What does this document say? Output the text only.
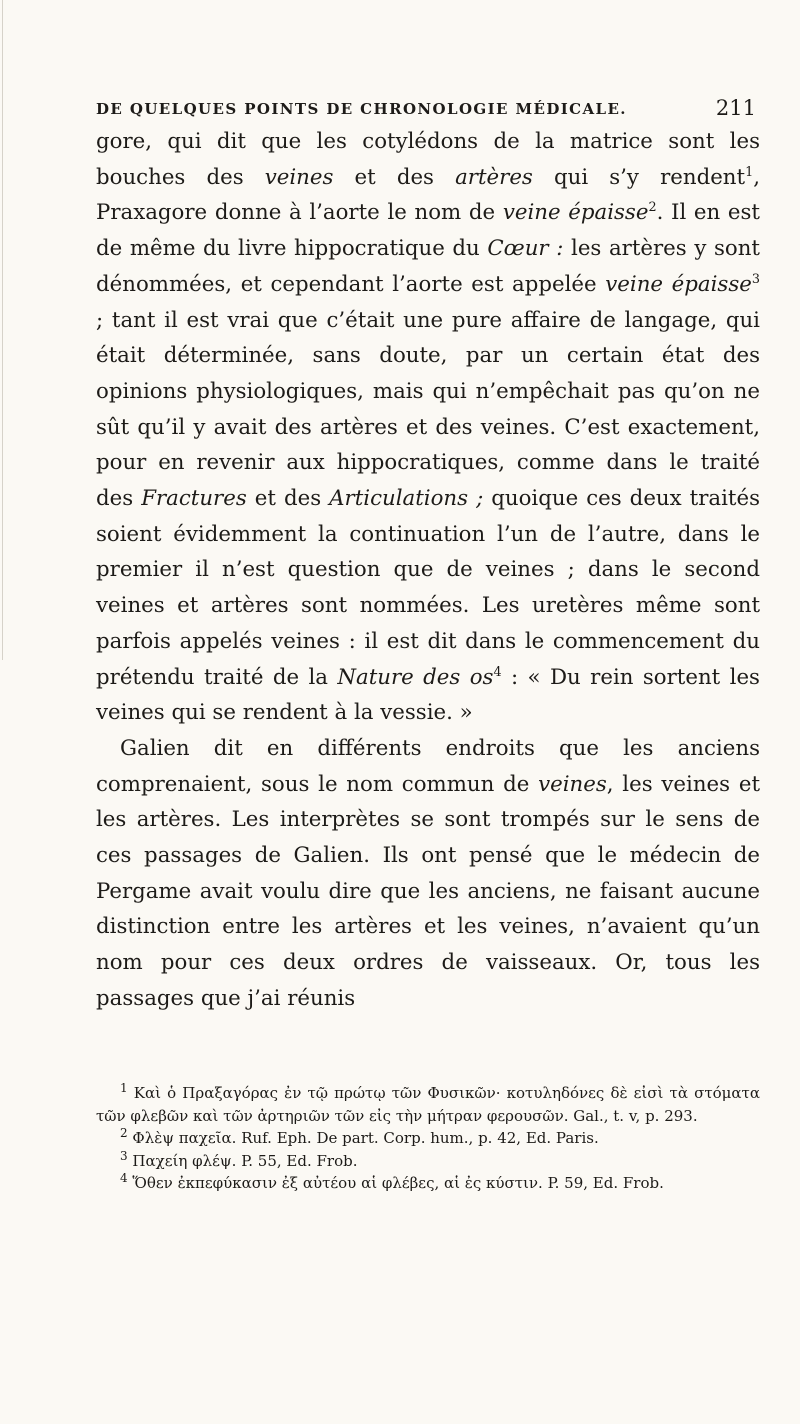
DE QUELQUES POINTS DE CHRONOLOGIE MÉDICALE.	211

gore, qui dit que les cotylédons de la matrice sont les bouches des veines et des artères qui s’y rendent$^1$, Praxagore donne à l’aorte le nom de veine épaisse$^2$. Il en est de même du livre hippocratique du Cœur : les artères y sont dénommées, et cependant l’aorte est appelée veine épaisse$^3$ ; tant il est vrai que c’était une pure affaire de langage, qui était déterminée, sans doute, par un certain état des opinions physiologiques, mais qui n’empêchait pas qu’on ne sût qu’il y avait des artères et des veines. C’est exactement, pour en revenir aux hippocratiques, comme dans le traité des Fractures et des Articulations ; quoique ces deux traités soient évidemment la continuation l’un de l’autre, dans le premier il n’est question que de veines ; dans le second veines et artères sont nommées. Les uretères même sont parfois appelés veines : il est dit dans le commencement du prétendu traité de la Nature des $os^4$ : « Du rein sortent les veines qui se rendent à la vessie. »

Galien dit en différents endroits que les anciens comprenaient, sous le nom commun de veines, les veines et les artères. Les interprètes se sont trompés sur le sens de ces passages de Galien. Ils ont pensé que le médecin de Pergame avait voulu dire que les anciens, ne faisant aucune distinction entre les artères et les veines, n’avaient qu’un nom pour ces deux ordres de vaisseaux. Or, tous les passages que j’ai réunis

$^1$ Καὶ ὁ Πραξαγόρας ἐν τῷ πρώτῳ τῶν Φυσικῶν· κοτυληδόνες δὲ εἰσὶ τὰ στόματα τῶν φλεβῶν καὶ τῶν ἀρτηριῶν τῶν εἰς τὴν μήτραν φερουσῶν. Gal., t. v, p. 293.

$^2$ Φλὲψ παχεῖα. Ruf. Eph. De part. Corp. hum., p. 42, Ed. Paris.

$^3$ Παχείη φλέψ. P. 55, Ed. Frob.

$^4$ Ὅθεν ἐκπεφύκασιν ἐξ αὐτέου αἱ φλέβες, αἱ ἐς κύστιν. P. 59, Ed. Frob.
